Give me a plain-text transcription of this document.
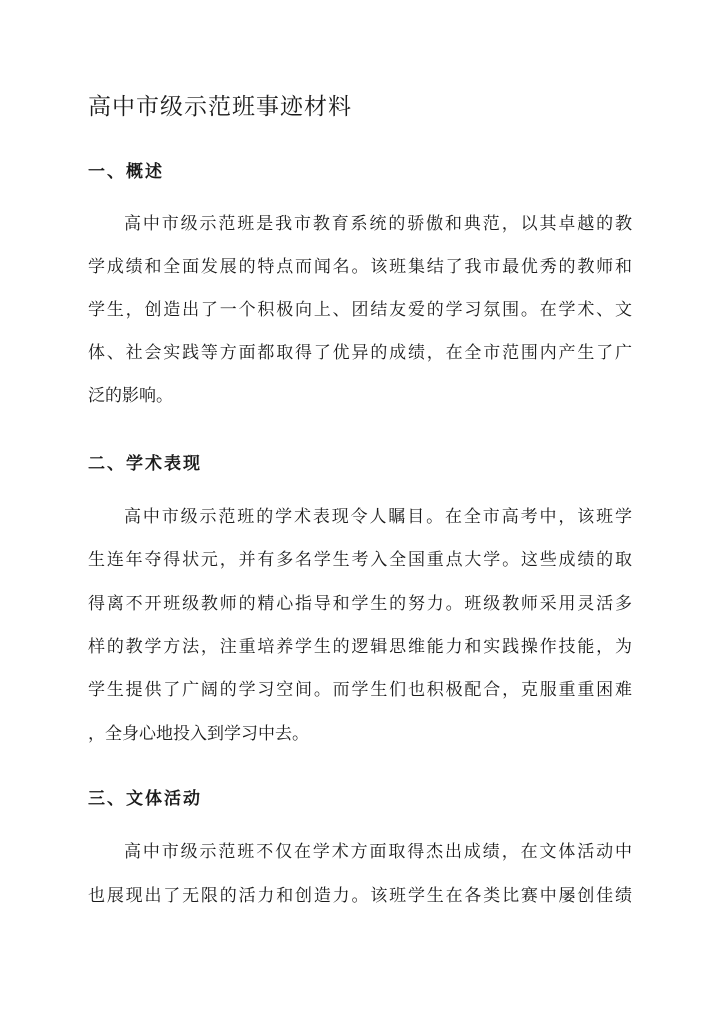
高中市级示范班事迹材料
一、概述
高中市级示范班是我市教育系统的骄傲和典范，以其卓越的教
学成绩和全面发展的特点而闻名。该班集结了我市最优秀的教师和
学生，创造出了一个积极向上、团结友爱的学习氛围。在学术、文
体、社会实践等方面都取得了优异的成绩，在全市范围内产生了广
泛的影响。
二、学术表现
高中市级示范班的学术表现令人瞩目。在全市高考中，该班学
生连年夺得状元，并有多名学生考入全国重点大学。这些成绩的取
得离不开班级教师的精心指导和学生的努力。班级教师采用灵活多
样的教学方法，注重培养学生的逻辑思维能力和实践操作技能，为
学生提供了广阔的学习空间。而学生们也积极配合，克服重重困难
，全身心地投入到学习中去。
三、文体活动
高中市级示范班不仅在学术方面取得杰出成绩，在文体活动中
也展现出了无限的活力和创造力。该班学生在各类比赛中屡创佳绩
